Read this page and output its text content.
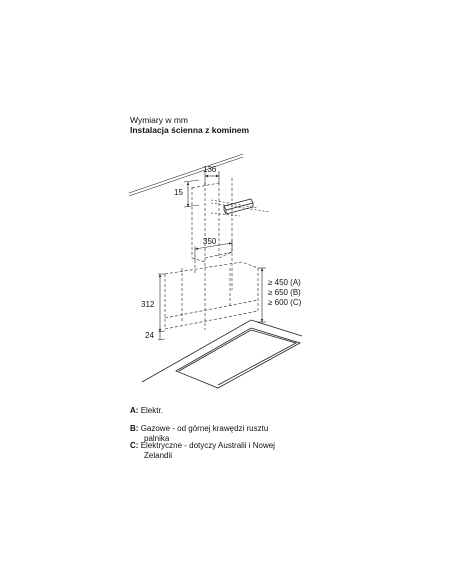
Wymiary w mm
Instalacja ścienna z kominem
136
15
350
312
24
≥ 450 (A)
≥ 650 (B)
≥ 600 (C)
A: Elektr.
B: Gazowe - od górnej krawędzi rusztu
palnika
C: Elektryczne - dotyczy Australii i Nowej
Zelandii
